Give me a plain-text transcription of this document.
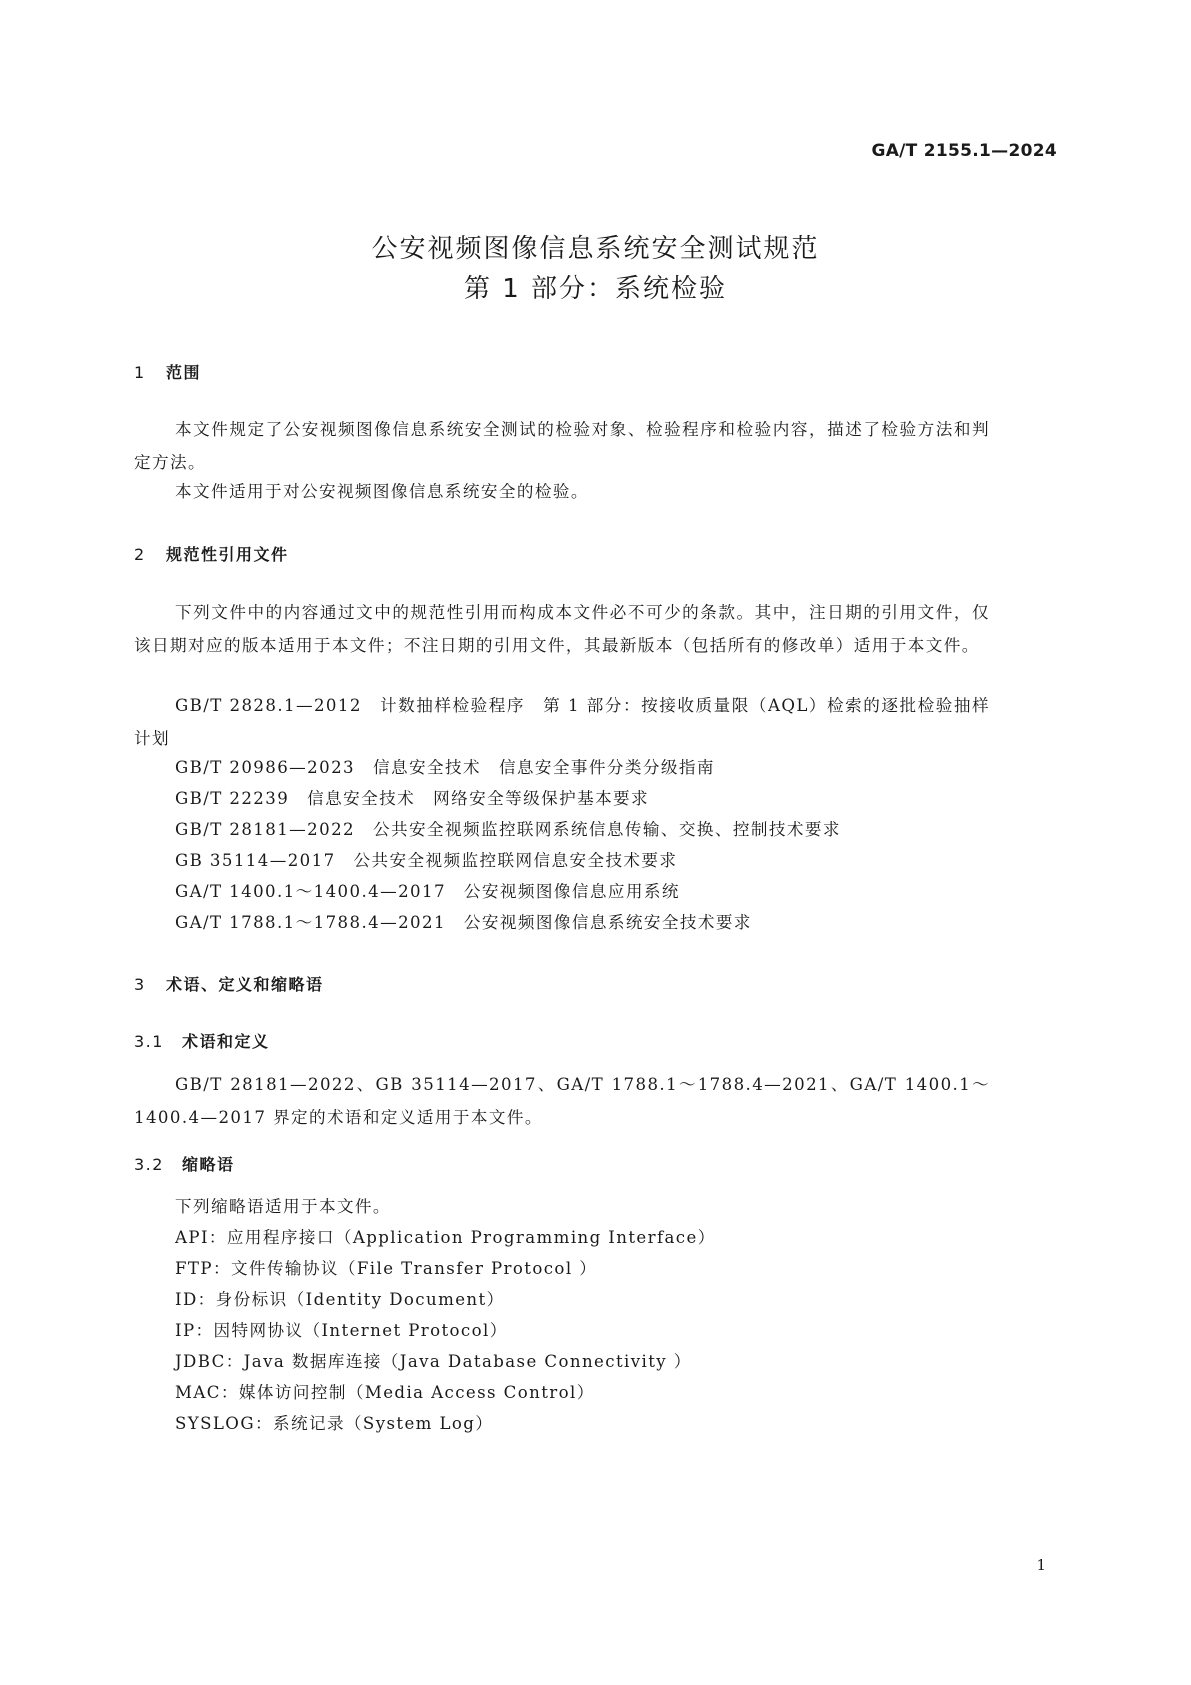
GA/T 2155.1—2024
公安视频图像信息系统安全测试规范
第 1 部分：系统检验
1 范围
本文件规定了公安视频图像信息系统安全测试的检验对象、检验程序和检验内容，描述了检验方法和判定方法。
本文件适用于对公安视频图像信息系统安全的检验。
2 规范性引用文件
下列文件中的内容通过文中的规范性引用而构成本文件必不可少的条款。其中，注日期的引用文件，仅该日期对应的版本适用于本文件；不注日期的引用文件，其最新版本（包括所有的修改单）适用于本文件。
GB/T 2828.1—2012　计数抽样检验程序　第 1 部分：按接收质量限（AQL）检索的逐批检验抽样计划
GB/T 20986—2023　信息安全技术　信息安全事件分类分级指南
GB/T 22239　信息安全技术　网络安全等级保护基本要求
GB/T 28181—2022　公共安全视频监控联网系统信息传输、交换、控制技术要求
GB 35114—2017　公共安全视频监控联网信息安全技术要求
GA/T 1400.1～1400.4—2017　公安视频图像信息应用系统
GA/T 1788.1～1788.4—2021　公安视频图像信息系统安全技术要求
3 术语、定义和缩略语
3.1 术语和定义
GB/T 28181—2022、GB 35114—2017、GA/T 1788.1～1788.4—2021、GA/T 1400.1～1400.4—2017 界定的术语和定义适用于本文件。
3.2 缩略语
下列缩略语适用于本文件。
API：应用程序接口（Application Programming Interface）
FTP：文件传输协议（File Transfer Protocol ）
ID：身份标识（Identity Document）
IP：因特网协议（Internet Protocol）
JDBC：Java 数据库连接（Java Database Connectivity ）
MAC：媒体访问控制（Media Access Control）
SYSLOG：系统记录（System Log）
1
